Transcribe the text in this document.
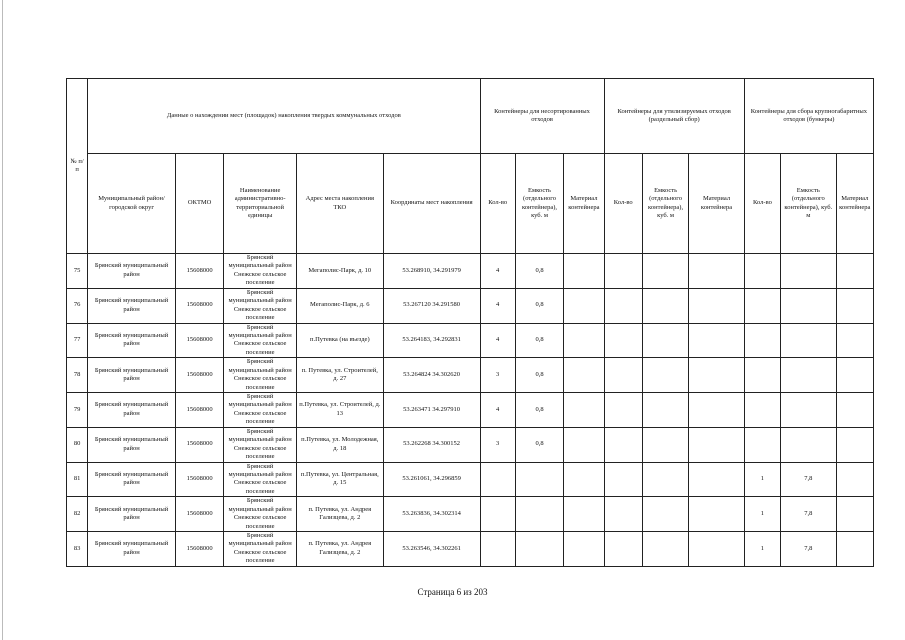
№ п/п	Данные о нахождении мест (площадок) накопления твердых коммунальных отходов					Контейнеры для несортированных отходов			Контейнеры для утилизируемых отходов (раздельный сбор)			Контейнеры для сбора крупногабаритных отходов (бункеры)		
	Муниципальный район/городской округ	ОКТМО	Наименование административно-территориальной единицы	Адрес места накопления ТКО	Координаты мест накопления	Кол-во	Емкость (отдельного контейнера), куб. м	Материал контейнера	Кол-во	Емкость (отдельного контейнера), куб. м	Материал контейнера	Кол-во	Емкость (отдельного контейнера), куб. м	Материал контейнера
75	Брянский муниципальный район	15608000	Брянский муниципальный район Снежское сельское поселение	Мегаполис-Парк, д. 10	53.268910, 34.291979	4	0,8							
76	Брянский муниципальный район	15608000	Брянский муниципальный район Снежское сельское поселение	Мегаполис-Парк, д. 6	53.267120 34.291580	4	0,8							
77	Брянский муниципальный район	15608000	Брянский муниципальный район Снежское сельское поселение	п.Путевка (на въезде)	53.264183, 34.292831	4	0,8							
78	Брянский муниципальный район	15608000	Брянский муниципальный район Снежское сельское поселение	п. Путевка, ул. Строителей, д. 27	53.264824 34.302620	3	0,8							
79	Брянский муниципальный район	15608000	Брянский муниципальный район Снежское сельское поселение	п.Путевка, ул. Строителей, д. 13	53.263471 34.297910	4	0,8							
80	Брянский муниципальный район	15608000	Брянский муниципальный район Снежское сельское поселение	п.Путевка, ул. Молодежная, д. 18	53.262268 34.300152	3	0,8							
81	Брянский муниципальный район	15608000	Брянский муниципальный район Снежское сельское поселение	п.Путевка, ул. Центральная, д. 15	53.261061, 34.296859							1	7,8	
82	Брянский муниципальный район	15608000	Брянский муниципальный район Снежское сельское поселение	п. Путевка, ул. Андрея Гализцева, д. 2	53.263836, 34.302314							1	7,8	
83	Брянский муниципальный район	15608000	Брянский муниципальный район Снежское сельское поселение	п. Путевка, ул. Андрея Гализцева, д. 2	53.263546, 34.302261							1	7,8	
Страница 6 из 203
